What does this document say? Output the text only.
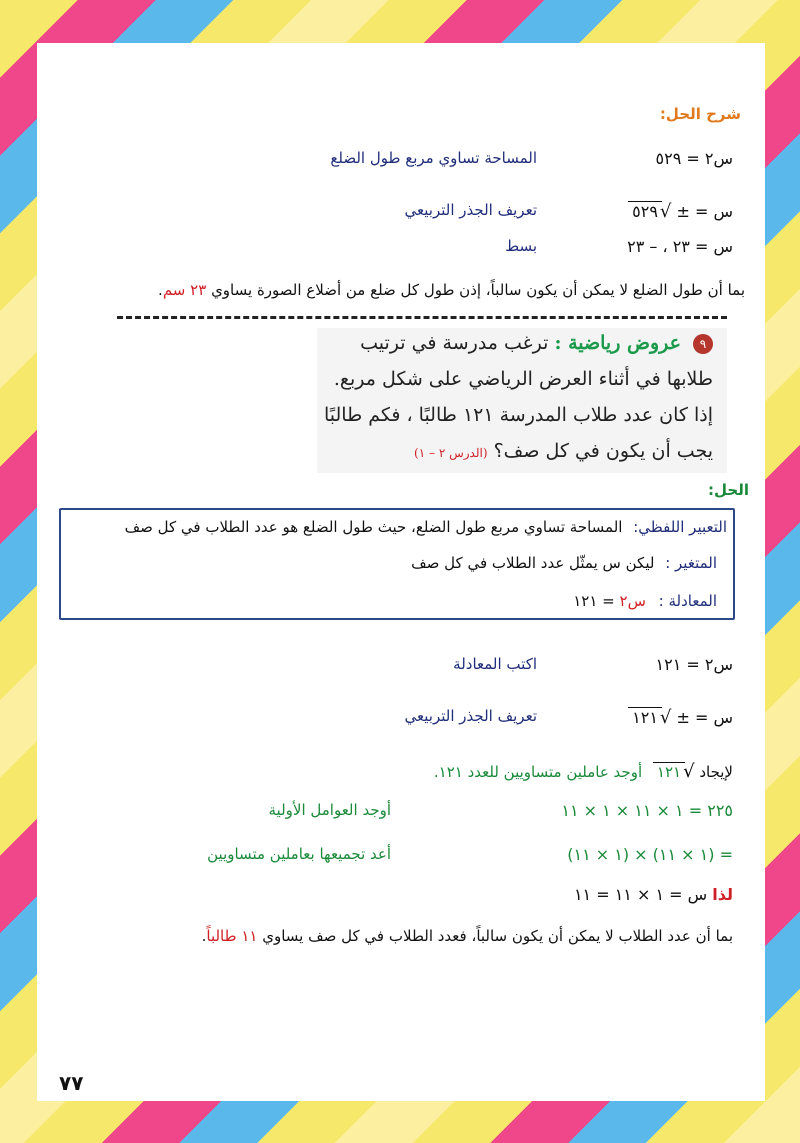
شرح الحل:
س٢ = ٥٢٩
المساحة تساوي مربع طول الضلع
س = ± √٥٢٩
تعريف الجذر التربيعي
س = ٢٣ ، – ٢٣
بسط
بما أن طول الضلع لا يمكن أن يكون سالباً، إذن طول كل ضلع من أضلاع الصورة يساوي ٢٣ سم.
٩ عروض رياضية : ترغب مدرسة في ترتيب
طلابها في أثناء العرض الرياضي على شكل مربع.
إذا كان عدد طلاب المدرسة ١٢١ طالبًا ، فكم طالبًا
يجب أن يكون في كل صف؟ (الدرس ٢ – ١)
الحل:
التعبير اللفظي: المساحة تساوي مربع طول الضلع، حيث طول الضلع هو عدد الطلاب في كل صف
المتغير : ليكن س يمثّل عدد الطلاب في كل صف
المعادلة : س٢ = ١٢١
س٢ = ١٢١
اكتب المعادلة
س = ± √١٢١
تعريف الجذر التربيعي
لإيجاد √١٢١ أوجد عاملين متساويين للعدد ١٢١.
٢٢٥ = ١ × ١١ × ١ × ١١
أوجد العوامل الأولية
= (١ × ١١) × (١ × ١١)
أعد تجميعها بعاملين متساويين
لذا س = ١ × ١١ = ١١
بما أن عدد الطلاب لا يمكن أن يكون سالباً، فعدد الطلاب في كل صف يساوي ١١ طالباً.
٧٧
